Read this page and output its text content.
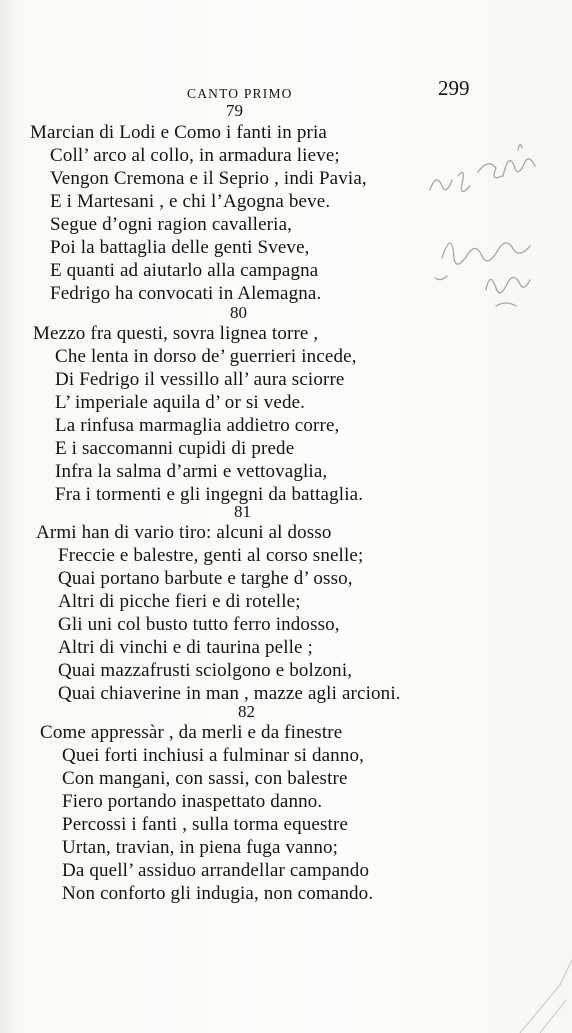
CANTO PRIMO	299
79
Marcian di Lodi e Como i fanti in pria
Coll’ arco al collo, in armadura lieve;
Vengon Cremona e il Seprio , indi Pavia,
E i Martesani , e chi l’Agogna beve.
Segue d’ogni ragion cavalleria,
Poi la battaglia delle genti Sveve,
E quanti ad aiutarlo alla campagna
Fedrigo ha convocati in Alemagna.
80
Mezzo fra questi, sovra lignea torre ,
Che lenta in dorso de’ guerrieri incede,
Di Fedrigo il vessillo all’ aura sciorre
L’ imperiale aquila d’ or si vede.
La rinfusa marmaglia addietro corre,
E i saccomanni cupidi di prede
Infra la salma d’armi e vettovaglia,
Fra i tormenti e gli ingegni da battaglia.
81
Armi han di vario tiro: alcuni al dosso
Freccie e balestre, genti al corso snelle;
Quai portano barbute e targhe d’ osso,
Altri di picche fieri e di rotelle;
Gli uni col busto tutto ferro indosso,
Altri di vinchi e di taurina pelle ;
Quai mazzafrusti sciolgono e bolzoni,
Quai chiaverine in man , mazze agli arcioni.
82
Come appressàr , da merli e da finestre
Quei forti inchiusi a fulminar si danno,
Con mangani, con sassi, con balestre
Fiero portando inaspettato danno.
Percossi i fanti , sulla torma equestre
Urtan, travian, in piena fuga vanno;
Da quell’ assiduo arrandellar campando
Non conforto gli indugia, non comando.
